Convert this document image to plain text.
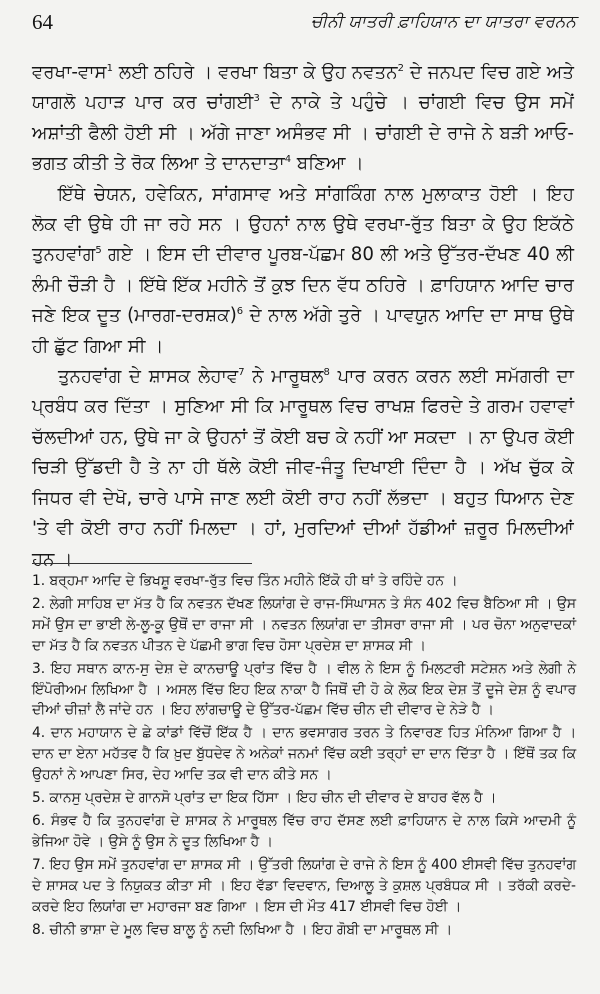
64	ਚੀਨੀ ਯਾਤਰੀ ਫ਼ਾਹਿਯਾਨ ਦਾ ਯਾਤਰਾ ਵਰਨਨ

ਵਰਖਾ-ਵਾਸ$^1$ ਲਈ ਠਹਿਰੇ । ਵਰਖਾ ਬਿਤਾ ਕੇ ਉਹ ਨਵਤਨ$^2$ ਦੇ ਜਨਪਦ ਵਿਚ ਗਏ ਅਤੇ ਯਾਗਲੋ ਪਹਾੜ ਪਾਰ ਕਰ ਚਾਂਗਈ$^3$ ਦੇ ਨਾਕੇ ਤੇ ਪਹੁੰਚੇ । ਚਾਂਗਈ ਵਿਚ ਉਸ ਸਮੇਂ ਅਸ਼ਾਂਤੀ ਫੈਲੀ ਹੋਈ ਸੀ । ਅੱਗੇ ਜਾਣਾ ਅਸੰਭਵ ਸੀ । ਚਾਂਗਈ ਦੇ ਰਾਜੇ ਨੇ ਬੜੀ ਆਓ-ਭਗਤ ਕੀਤੀ ਤੇ ਰੋਕ ਲਿਆ ਤੇ ਦਾਨਦਾਤਾ$^4$ ਬਣਿਆ ।

ਇੱਥੇ ਚੇਯਨ, ਹਵੇਕਿਨ, ਸਾਂਗਸਾਵ ਅਤੇ ਸਾਂਗਕਿੰਗ ਨਾਲ ਮੁਲਾਕਾਤ ਹੋਈ । ਇਹ ਲੋਕ ਵੀ ਉਥੇ ਹੀ ਜਾ ਰਹੇ ਸਨ । ਉਹਨਾਂ ਨਾਲ ਉਥੇ ਵਰਖਾ-ਰੁੱਤ ਬਿਤਾ ਕੇ ਉਹ ਇਕੱਠੇ ਤੁਨਹਵਾਂਗ$^5$ ਗਏ । ਇਸ ਦੀ ਦੀਵਾਰ ਪੂਰਬ-ਪੱਛਮ 80 ਲੀ ਅਤੇ ਉੱਤਰ-ਦੱਖਣ 40 ਲੀ ਲੰਮੀ ਚੌੜੀ ਹੈ । ਇੱਥੇ ਇੱਕ ਮਹੀਨੇ ਤੋਂ ਕੁਝ ਦਿਨ ਵੱਧ ਠਹਿਰੇ । ਫ਼ਾਹਿਯਾਨ ਆਦਿ ਚਾਰ ਜਣੇ ਇਕ ਦੂਤ (ਮਾਰਗ-ਦਰਸ਼ਕ)$^6$ ਦੇ ਨਾਲ ਅੱਗੇ ਤੁਰੇ । ਪਾਵਯੁਨ ਆਦਿ ਦਾ ਸਾਥ ਉਥੇ ਹੀ ਛੁੱਟ ਗਿਆ ਸੀ ।

ਤੁਨਹਵਾਂਗ ਦੇ ਸ਼ਾਸਕ ਲੇਹਾਵ$^7$ ਨੇ ਮਾਰੂਥਲ$^8$ ਪਾਰ ਕਰਨ ਕਰਨ ਲਈ ਸਮੱਗਰੀ ਦਾ ਪ੍ਰਬੰਧ ਕਰ ਦਿੱਤਾ । ਸੁਣਿਆ ਸੀ ਕਿ ਮਾਰੂਥਲ ਵਿਚ ਰਾਖਸ਼ ਫਿਰਦੇ ਤੇ ਗਰਮ ਹਵਾਵਾਂ ਚੱਲਦੀਆਂ ਹਨ, ਉਥੇ ਜਾ ਕੇ ਉਹਨਾਂ ਤੋਂ ਕੋਈ ਬਚ ਕੇ ਨਹੀਂ ਆ ਸਕਦਾ । ਨਾ ਉਪਰ ਕੋਈ ਚਿੜੀ ਉੱਡਦੀ ਹੈ ਤੇ ਨਾ ਹੀ ਥੱਲੇ ਕੋਈ ਜੀਵ-ਜੰਤੂ ਦਿਖਾਈ ਦਿੰਦਾ ਹੈ । ਅੱਖ ਚੁੱਕ ਕੇ ਜਿਧਰ ਵੀ ਦੇਖੋ, ਚਾਰੇ ਪਾਸੇ ਜਾਣ ਲਈ ਕੋਈ ਰਾਹ ਨਹੀਂ ਲੱਭਦਾ । ਬਹੁਤ ਧਿਆਨ ਦੇਣ 'ਤੇ ਵੀ ਕੋਈ ਰਾਹ ਨਹੀਂ ਮਿਲਦਾ । ਹਾਂ, ਮੁਰਦਿਆਂ ਦੀਆਂ ਹੱਡੀਆਂ ਜ਼ਰੂਰ ਮਿਲਦੀਆਂ ਹਨ ।

1. ਬਰ੍ਹਮਾ ਆਦਿ ਦੇ ਭਿਖਸ਼ੂ ਵਰਖਾ-ਰੁੱਤ ਵਿਚ ਤਿੰਨ ਮਹੀਨੇ ਇੱਕੋ ਹੀ ਥਾਂ ਤੇ ਰਹਿੰਦੇ ਹਨ ।

2. ਲੇਗੀ ਸਾਹਿਬ ਦਾ ਮੱਤ ਹੈ ਕਿ ਨਵਤਨ ਦੱਖਣ ਲਿਯਾਂਗ ਦੇ ਰਾਜ-ਸਿੰਘਾਸਨ ਤੇ ਸੰਨ 402 ਵਿਚ ਬੈਠਿਆ ਸੀ । ਉਸ ਸਮੇਂ ਉਸ ਦਾ ਭਾਈ ਲੇ-ਲੂ-ਕੂ ਉਥੋਂ ਦਾ ਰਾਜਾ ਸੀ । ਨਵਤਨ ਲਿਯਾਂਗ ਦਾ ਤੀਸਰਾ ਰਾਜਾ ਸੀ । ਪਰ ਚੋਨਾ ਅਨੁਵਾਦਕਾਂ ਦਾ ਮੱਤ ਹੈ ਕਿ ਨਵਤਨ ਪੀਤਨ ਦੇ ਪੱਛਮੀ ਭਾਗ ਵਿਚ ਹੋਸਾ ਪ੍ਰਦੇਸ਼ ਦਾ ਸ਼ਾਸਕ ਸੀ ।

3. ਇਹ ਸਥਾਨ ਕਾਨ-ਸੁ ਦੇਸ਼ ਦੇ ਕਾਨਚਾਊ ਪ੍ਰਾਂਤ ਵਿੱਚ ਹੈ । ਵੀਲ ਨੇ ਇਸ ਨੂੰ ਮਿਲਟਰੀ ਸਟੇਸ਼ਨ ਅਤੇ ਲੇਗੀ ਨੇ ਇੰਪੋਰੀਅਮ ਲਿਖਿਆ ਹੈ । ਅਸਲ ਵਿੱਚ ਇਹ ਇਕ ਨਾਕਾ ਹੈ ਜਿਥੋਂ ਦੀ ਹੋ ਕੇ ਲੋਕ ਇਕ ਦੇਸ਼ ਤੋਂ ਦੂਜੇ ਦੇਸ਼ ਨੂੰ ਵਪਾਰ ਦੀਆਂ ਚੀਜ਼ਾਂ ਲੈ ਜਾਂਦੇ ਹਨ । ਇਹ ਲਾਂਗਚਾਊ ਦੇ ਉੱਤਰ-ਪੱਛਮ ਵਿੱਚ ਚੀਨ ਦੀ ਦੀਵਾਰ ਦੇ ਨੇੜੇ ਹੈ ।

4. ਦਾਨ ਮਹਾਯਾਨ ਦੇ ਛੇ ਕਾਂਡਾਂ ਵਿੱਚੋਂ ਇੱਕ ਹੈ । ਦਾਨ ਭਵਸਾਗਰ ਤਰਨ ਤੇ ਨਿਵਾਰਣ ਹਿਤ ਮੰਨਿਆ ਗਿਆ ਹੈ । ਦਾਨ ਦਾ ਏਨਾ ਮਹੱਤਵ ਹੈ ਕਿ ਖ਼ੁਦ ਬੁੱਧਦੇਵ ਨੇ ਅਨੇਕਾਂ ਜਨਮਾਂ ਵਿੱਚ ਕਈ ਤਰ੍ਹਾਂ ਦਾ ਦਾਨ ਦਿੱਤਾ ਹੈ । ਇੱਥੋਂ ਤਕ ਕਿ ਉਹਨਾਂ ਨੇ ਆਪਣਾ ਸਿਰ, ਦੇਹ ਆਦਿ ਤਕ ਵੀ ਦਾਨ ਕੀਤੇ ਸਨ ।

5. ਕਾਨਸੁ ਪ੍ਰਦੇਸ਼ ਦੇ ਗਾਨਸੋ ਪ੍ਰਾਂਤ ਦਾ ਇਕ ਹਿੱਸਾ । ਇਹ ਚੀਨ ਦੀ ਦੀਵਾਰ ਦੇ ਬਾਹਰ ਵੱਲ ਹੈ ।

6. ਸੰਭਵ ਹੈ ਕਿ ਤੁਨਹਵਾਂਗ ਦੇ ਸ਼ਾਸਕ ਨੇ ਮਾਰੂਥਲ ਵਿੱਚ ਰਾਹ ਦੱਸਣ ਲਈ ਫ਼ਾਹਿਯਾਨ ਦੇ ਨਾਲ ਕਿਸੇ ਆਦਮੀ ਨੂੰ ਭੇਜਿਆ ਹੋਵੇ । ਉਸੇ ਨੂੰ ਉਸ ਨੇ ਦੂਤ ਲਿਖਿਆ ਹੈ ।

7. ਇਹ ਉਸ ਸਮੇਂ ਤੁਨਹਵਾਂਗ ਦਾ ਸ਼ਾਸਕ ਸੀ । ਉੱਤਰੀ ਲਿਯਾਂਗ ਦੇ ਰਾਜੇ ਨੇ ਇਸ ਨੂੰ 400 ਈਸਵੀ ਵਿੱਚ ਤੁਨਹਵਾਂਗ ਦੇ ਸ਼ਾਸਕ ਪਦ ਤੇ ਨਿਯੁਕਤ ਕੀਤਾ ਸੀ । ਇਹ ਵੱਡਾ ਵਿਦਵਾਨ, ਦਿਆਲੂ ਤੇ ਕੁਸ਼ਲ ਪ੍ਰਬੰਧਕ ਸੀ । ਤਰੱਕੀ ਕਰਦੇ-ਕਰਦੇ ਇਹ ਲਿਯਾਂਗ ਦਾ ਮਹਾਰਜਾ ਬਣ ਗਿਆ । ਇਸ ਦੀ ਮੌਤ 417 ਈਸਵੀ ਵਿਚ ਹੋਈ ।

8. ਚੀਨੀ ਭਾਸ਼ਾ ਦੇ ਮੂਲ ਵਿਚ ਬਾਲੂ ਨੂੰ ਨਦੀ ਲਿਖਿਆ ਹੈ । ਇਹ ਗੋਬੀ ਦਾ ਮਾਰੂਥਲ ਸੀ ।
